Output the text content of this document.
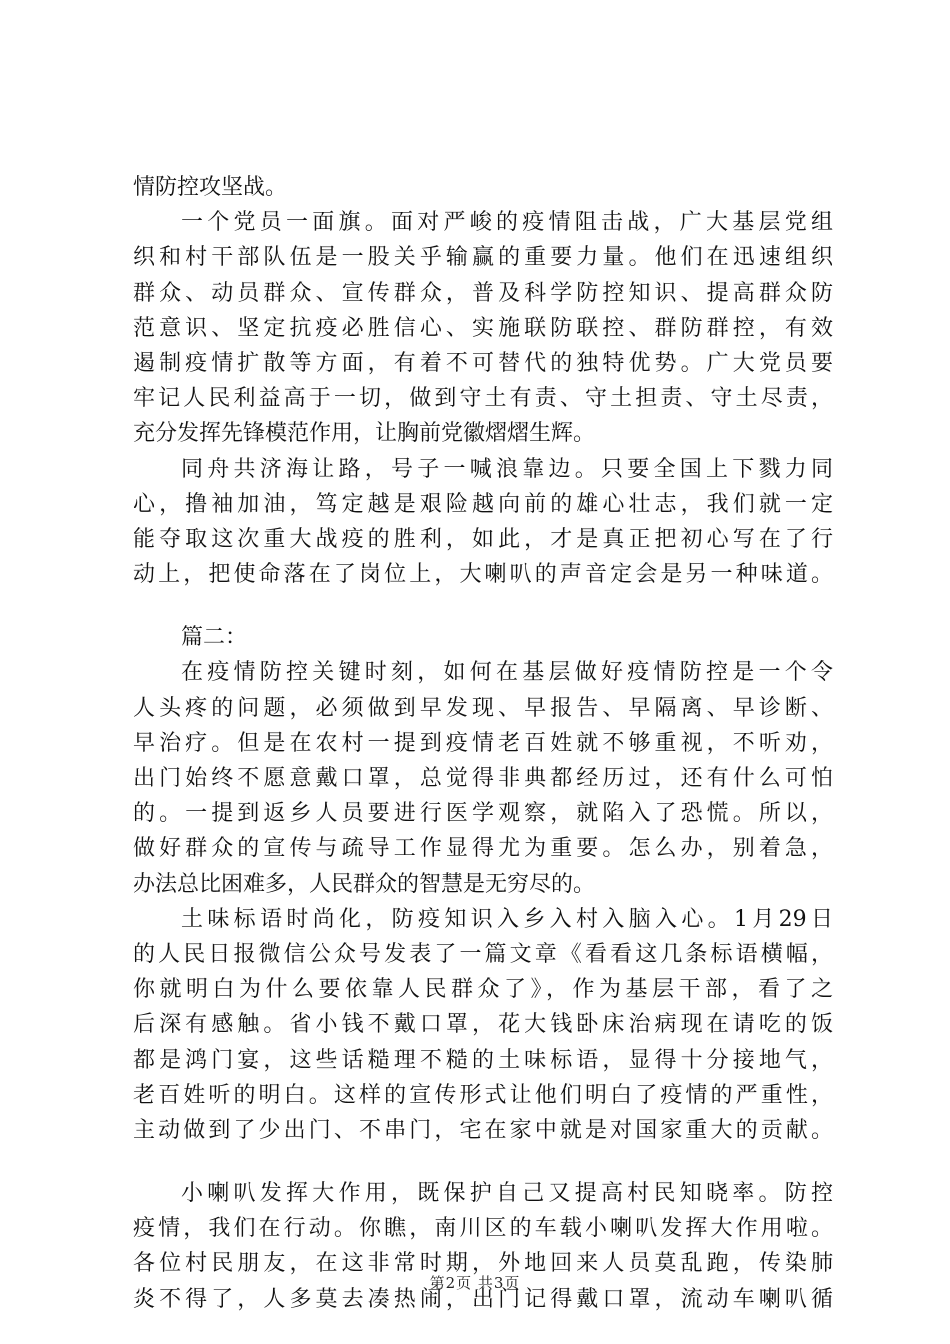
情防控攻坚战。
一个党员一面旗。面对严峻的疫情阻击战，广大基层党组
织和村干部队伍是一股关乎输赢的重要力量。他们在迅速组织
群众、动员群众、宣传群众，普及科学防控知识、提高群众防
范意识、坚定抗疫必胜信心、实施联防联控、群防群控，有效
遏制疫情扩散等方面，有着不可替代的独特优势。广大党员要
牢记人民利益高于一切，做到守土有责、守土担责、守土尽责，
充分发挥先锋模范作用，让胸前党徽熠熠生辉。
同舟共济海让路，号子一喊浪靠边。只要全国上下戮力同
心，撸袖加油，笃定越是艰险越向前的雄心壮志，我们就一定
能夺取这次重大战疫的胜利，如此，才是真正把初心写在了行
动上，把使命落在了岗位上，大喇叭的声音定会是另一种味道。
篇二：
在疫情防控关键时刻，如何在基层做好疫情防控是一个令
人头疼的问题，必须做到早发现、早报告、早隔离、早诊断、
早治疗。但是在农村一提到疫情老百姓就不够重视，不听劝，
出门始终不愿意戴口罩，总觉得非典都经历过，还有什么可怕
的。一提到返乡人员要进行医学观察，就陷入了恐慌。所以，
做好群众的宣传与疏导工作显得尤为重要。怎么办，别着急，
办法总比困难多，人民群众的智慧是无穷尽的。
土味标语时尚化，防疫知识入乡入村入脑入心。1月29日
的人民日报微信公众号发表了一篇文章《看看这几条标语横幅，
你就明白为什么要依靠人民群众了》，作为基层干部，看了之
后深有感触。省小钱不戴口罩，花大钱卧床治病现在请吃的饭
都是鸿门宴，这些话糙理不糙的土味标语，显得十分接地气，
老百姓听的明白。这样的宣传形式让他们明白了疫情的严重性，
主动做到了少出门、不串门，宅在家中就是对国家重大的贡献。
小喇叭发挥大作用，既保护自己又提高村民知晓率。防控
疫情，我们在行动。你瞧，南川区的车载小喇叭发挥大作用啦。
各位村民朋友，在这非常时期，外地回来人员莫乱跑，传染肺
炎不得了，人多莫去凑热闹，出门记得戴口罩，流动车喇叭循
第2页 共3页
